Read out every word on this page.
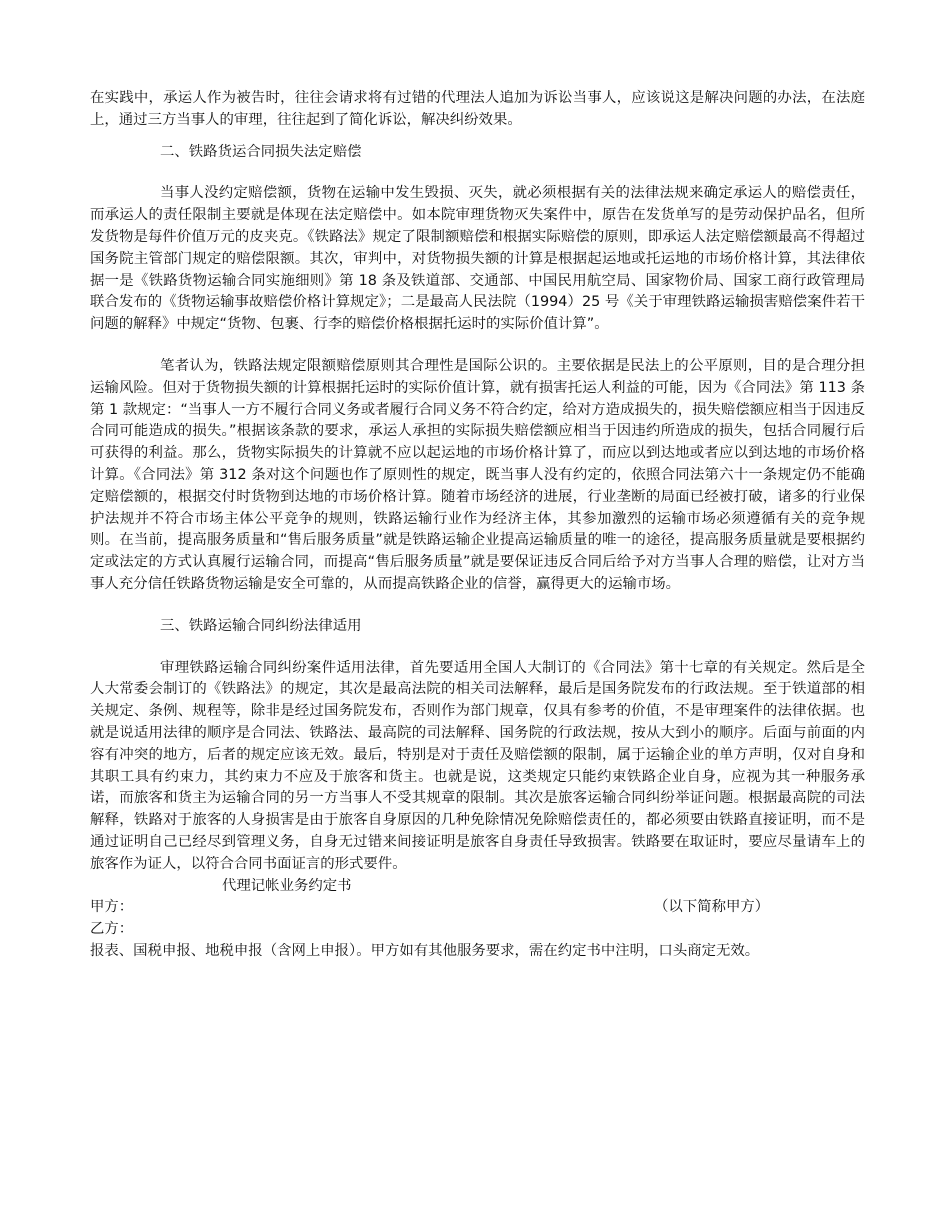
在实践中，承运人作为被告时，往往会请求将有过错的代理法人追加为诉讼当事人，应该说这是解决问题的办法，在法庭上，通过三方当事人的审理，往往起到了简化诉讼，解决纠纷效果。

二、铁路货运合同损失法定赔偿

当事人没约定赔偿额，货物在运输中发生毁损、灭失，就必须根据有关的法律法规来确定承运人的赔偿责任，而承运人的责任限制主要就是体现在法定赔偿中。如本院审理货物灭失案件中，原告在发货单写的是劳动保护品名，但所发货物是每件价值万元的皮夹克。《铁路法》规定了限制额赔偿和根据实际赔偿的原则，即承运人法定赔偿额最高不得超过国务院主管部门规定的赔偿限额。其次，审判中，对货物损失额的计算是根据起运地或托运地的市场价格计算，其法律依据一是《铁路货物运输合同实施细则》第 18 条及铁道部、交通部、中国民用航空局、国家物价局、国家工商行政管理局联合发布的《货物运输事故赔偿价格计算规定》；二是最高人民法院（1994）25 号《关于审理铁路运输损害赔偿案件若干问题的解释》中规定“货物、包裹、行李的赔偿价格根据托运时的实际价值计算”。

笔者认为，铁路法规定限额赔偿原则其合理性是国际公识的。主要依据是民法上的公平原则，目的是合理分担运输风险。但对于货物损失额的计算根据托运时的实际价值计算，就有损害托运人利益的可能，因为《合同法》第 113 条第 1 款规定：“当事人一方不履行合同义务或者履行合同义务不符合约定，给对方造成损失的，损失赔偿额应相当于因违反合同可能造成的损失。”根据该条款的要求，承运人承担的实际损失赔偿额应相当于因违约所造成的损失，包括合同履行后可获得的利益。那么，货物实际损失的计算就不应以起运地的市场价格计算了，而应以到达地或者应以到达地的市场价格计算。《合同法》第 312 条对这个问题也作了原则性的规定，既当事人没有约定的，依照合同法第六十一条规定仍不能确定赔偿额的，根据交付时货物到达地的市场价格计算。随着市场经济的进展，行业垄断的局面已经被打破，诸多的行业保护法规并不符合市场主体公平竞争的规则，铁路运输行业作为经济主体，其参加激烈的运输市场必须遵循有关的竞争规则。在当前，提高服务质量和“售后服务质量”就是铁路运输企业提高运输质量的唯一的途径，提高服务质量就是要根据约定或法定的方式认真履行运输合同，而提高“售后服务质量”就是要保证违反合同后给予对方当事人合理的赔偿，让对方当事人充分信任铁路货物运输是安全可靠的，从而提高铁路企业的信誉，赢得更大的运输市场。

三、铁路运输合同纠纷法律适用

审理铁路运输合同纠纷案件适用法律，首先要适用全国人大制订的《合同法》第十七章的有关规定。然后是全人大常委会制订的《铁路法》的规定，其次是最高法院的相关司法解释，最后是国务院发布的行政法规。至于铁道部的相关规定、条例、规程等，除非是经过国务院发布，否则作为部门规章，仅具有参考的价值，不是审理案件的法律依据。也就是说适用法律的顺序是合同法、铁路法、最高院的司法解释、国务院的行政法规，按从大到小的顺序。后面与前面的内容有冲突的地方，后者的规定应该无效。最后，特别是对于责任及赔偿额的限制，属于运输企业的单方声明，仅对自身和其职工具有约束力，其约束力不应及于旅客和货主。也就是说，这类规定只能约束铁路企业自身，应视为其一种服务承诺，而旅客和货主为运输合同的另一方当事人不受其规章的限制。其次是旅客运输合同纠纷举证问题。根据最高院的司法解释，铁路对于旅客的人身损害是由于旅客自身原因的几种免除情况免除赔偿责任的，都必须要由铁路直接证明，而不是通过证明自己已经尽到管理义务，自身无过错来间接证明是旅客自身责任导致损害。铁路要在取证时，要应尽量请车上的旅客作为证人，以符合合同书面证言的形式要件。

代理记帐业务约定书

甲方：	（以下简称甲方）
乙方：

报表、国税申报、地税申报（含网上申报）。甲方如有其他服务要求，需在约定书中注明，口头商定无效。
